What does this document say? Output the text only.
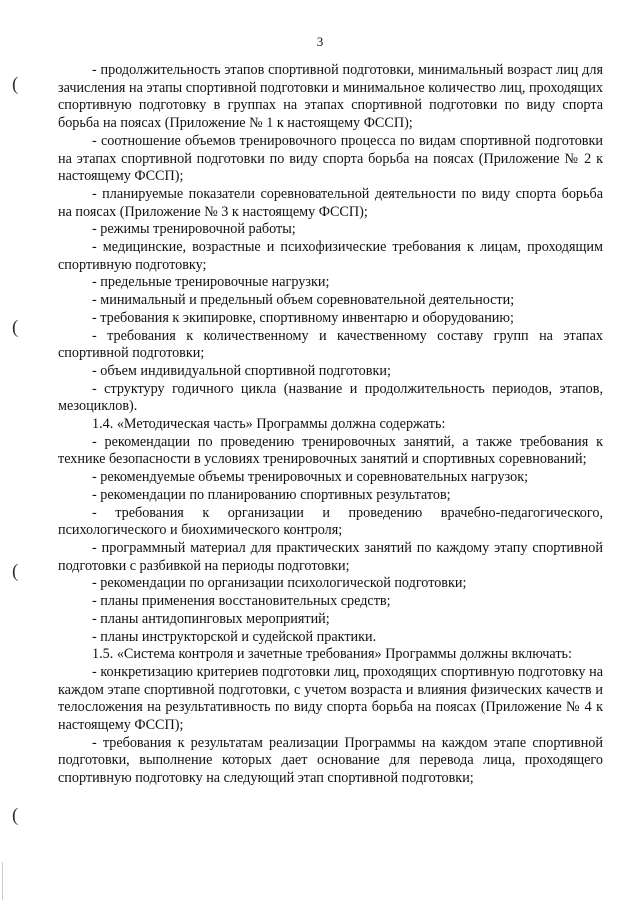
3
(
(
(
(

- продолжительность этапов спортивной подготовки, минимальный возраст лиц для зачисления на этапы спортивной подготовки и минимальное количество лиц, проходящих спортивную подготовку в группах на этапах спортивной подготовки по виду спорта борьба на поясах (Приложение № 1 к настоящему ФССП);

- соотношение объемов тренировочного процесса по видам спортивной подготовки на этапах спортивной подготовки по виду спорта борьба на поясах (Приложение № 2 к настоящему ФССП);

- планируемые показатели соревновательной деятельности по виду спорта борьба на поясах (Приложение № 3 к настоящему ФССП);

- режимы тренировочной работы;

- медицинские, возрастные и психофизические требования к лицам, проходящим спортивную подготовку;

- предельные тренировочные нагрузки;

- минимальный и предельный объем соревновательной деятельности;

- требования к экипировке, спортивному инвентарю и оборудованию;

- требования к количественному и качественному составу групп на этапах спортивной подготовки;

- объем индивидуальной спортивной подготовки;

- структуру годичного цикла (название и продолжительность периодов, этапов, мезоциклов).

1.4. «Методическая часть» Программы должна содержать:

- рекомендации по проведению тренировочных занятий, а также требования к технике безопасности в условиях тренировочных занятий и спортивных соревнований;

- рекомендуемые объемы тренировочных и соревновательных нагрузок;

- рекомендации по планированию спортивных результатов;

- требования к организации и проведению врачебно-педагогического, психологического и биохимического контроля;

- программный материал для практических занятий по каждому этапу спортивной подготовки с разбивкой на периоды подготовки;

- рекомендации по организации психологической подготовки;

- планы применения восстановительных средств;

- планы антидопинговых мероприятий;

- планы инструкторской и судейской практики.

1.5. «Система контроля и зачетные требования» Программы должны включать:

- конкретизацию критериев подготовки лиц, проходящих спортивную подготовку на каждом этапе спортивной подготовки, с учетом возраста и влияния физических качеств и телосложения на результативность по виду спорта борьба на поясах (Приложение № 4 к настоящему ФССП);

- требования к результатам реализации Программы на каждом этапе спортивной подготовки, выполнение которых дает основание для перевода лица, проходящего спортивную подготовку на следующий этап спортивной подготовки;
